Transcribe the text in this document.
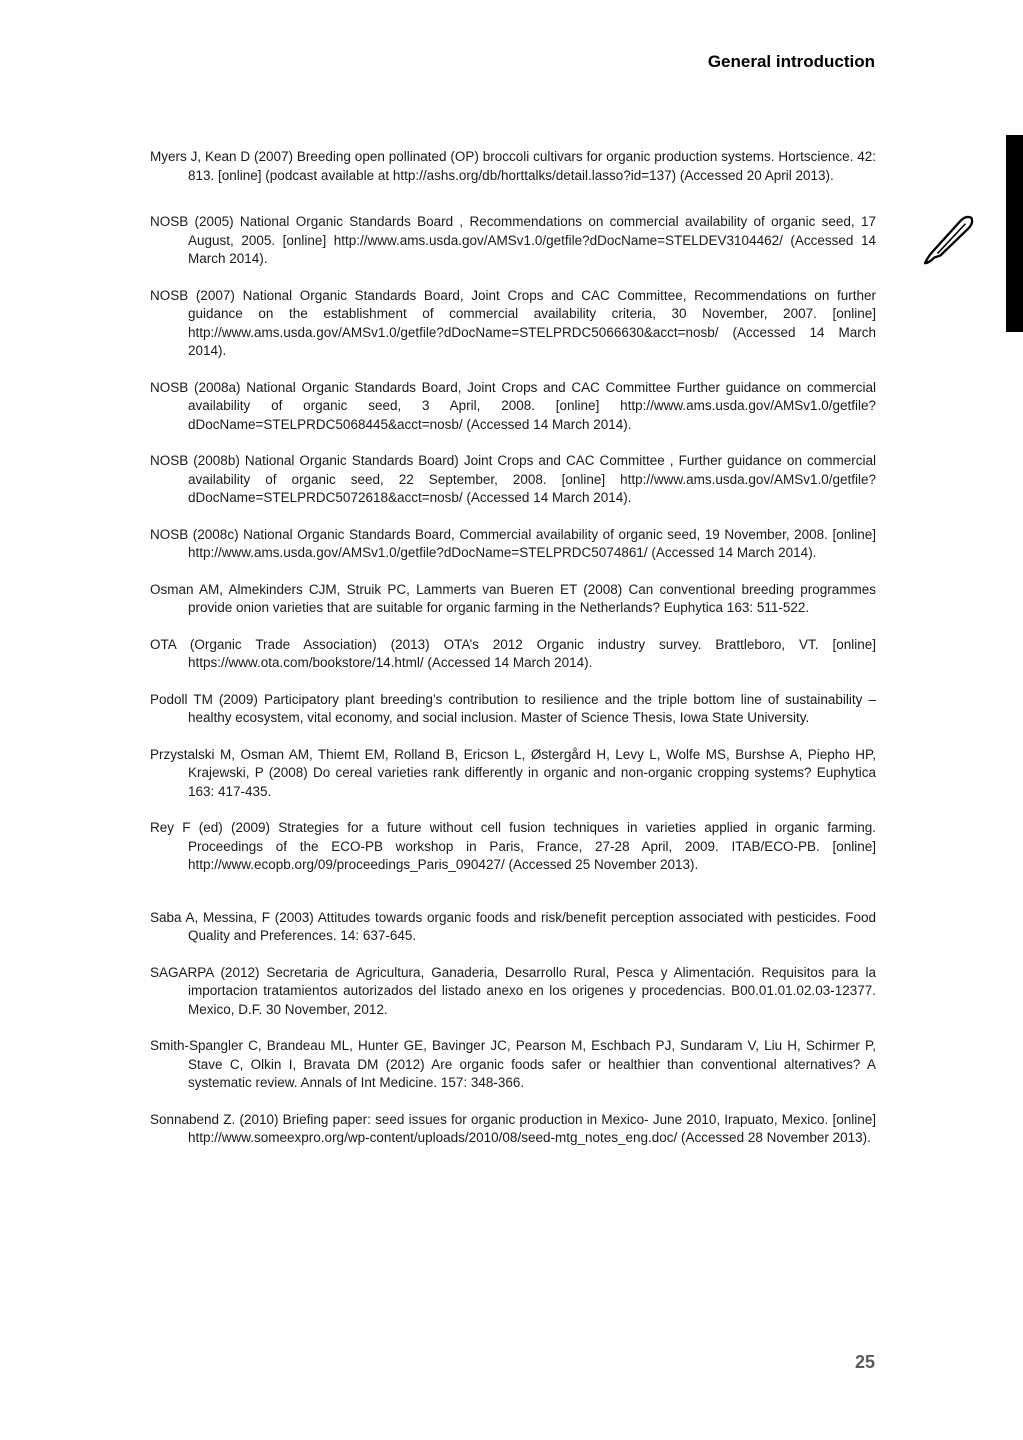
General introduction

Myers J, Kean D (2007) Breeding open pollinated (OP) broccoli cultivars for organic production systems. Hortscience. 42: 813. [online] (podcast available at http://ashs.org/db/horttalks/detail.lasso?id=137) (Accessed 20 April 2013).

NOSB (2005) National Organic Standards Board , Recommendations on commercial availability of organic seed, 17 August, 2005. [online] http://www.ams.usda.gov/AMSv1.0/getfile?dDocName=STELDEV3104462/ (Accessed 14 March 2014).

NOSB (2007) National Organic Standards Board, Joint Crops and CAC Committee, Recommendations on further guidance on the establishment of commercial availability criteria, 30 November, 2007. [online] http://www.ams.usda.gov/AMSv1.0/getfile?dDocName=STELPRDC5066630&acct=nosb/ (Accessed 14 March 2014).

NOSB (2008a) National Organic Standards Board, Joint Crops and CAC Committee Further guidance on commercial availability of organic seed, 3 April, 2008. [online] http://www.ams.usda.gov/AMSv1.0/getfile?dDocName=STELPRDC5068445&acct=nosb/ (Accessed 14 March 2014).

NOSB (2008b) National Organic Standards Board) Joint Crops and CAC Committee , Further guidance on commercial availability of organic seed, 22 September, 2008. [online] http://www.ams.usda.gov/AMSv1.0/getfile?dDocName=STELPRDC5072618&acct=nosb/ (Accessed 14 March 2014).

NOSB (2008c) National Organic Standards Board, Commercial availability of organic seed, 19 November, 2008. [online] http://www.ams.usda.gov/AMSv1.0/getfile?dDocName=STELPRDC5074861/ (Accessed 14 March 2014).

Osman AM, Almekinders CJM, Struik PC, Lammerts van Bueren ET (2008) Can conventional breeding programmes provide onion varieties that are suitable for organic farming in the Netherlands? Euphytica 163: 511-522.

OTA (Organic Trade Association) (2013) OTA’s 2012 Organic industry survey. Brattleboro, VT. [online] https://www.ota.com/bookstore/14.html/ (Accessed 14 March 2014).

Podoll TM (2009) Participatory plant breeding’s contribution to resilience and the triple bottom line of sustainability – healthy ecosystem, vital economy, and social inclusion. Master of Science Thesis, Iowa State University.

Przystalski M, Osman AM, Thiemt EM, Rolland B, Ericson L, Østergård H, Levy L, Wolfe MS, Burshse A, Piepho HP, Krajewski, P (2008) Do cereal varieties rank differently in organic and non-organic cropping systems? Euphytica 163: 417-435.

Rey F (ed) (2009) Strategies for a future without cell fusion techniques in varieties applied in organic farming. Proceedings of the ECO-PB workshop in Paris, France, 27-28 April, 2009. ITAB/ECO-PB. [online] http://www.ecopb.org/09/proceedings_Paris_090427/ (Accessed 25 November 2013).

Saba A, Messina, F (2003) Attitudes towards organic foods and risk/benefit perception associated with pesticides. Food Quality and Preferences. 14: 637-645.

SAGARPA (2012) Secretaria de Agricultura, Ganaderia, Desarrollo Rural, Pesca y Alimentación. Requisitos para la importacion tratamientos autorizados del listado anexo en los origenes y procedencias. B00.01.01.02.03-12377. Mexico, D.F. 30 November, 2012.

Smith-Spangler C, Brandeau ML, Hunter GE, Bavinger JC, Pearson M, Eschbach PJ, Sundaram V, Liu H, Schirmer P, Stave C, Olkin I, Bravata DM (2012) Are organic foods safer or healthier than conventional alternatives? A systematic review. Annals of Int Medicine. 157: 348-366.

Sonnabend Z. (2010) Briefing paper: seed issues for organic production in Mexico- June 2010, Irapuato, Mexico. [online] http://www.someexpro.org/wp-content/uploads/2010/08/seed-mtg_notes_eng.doc/ (Accessed 28 November 2013).

25
